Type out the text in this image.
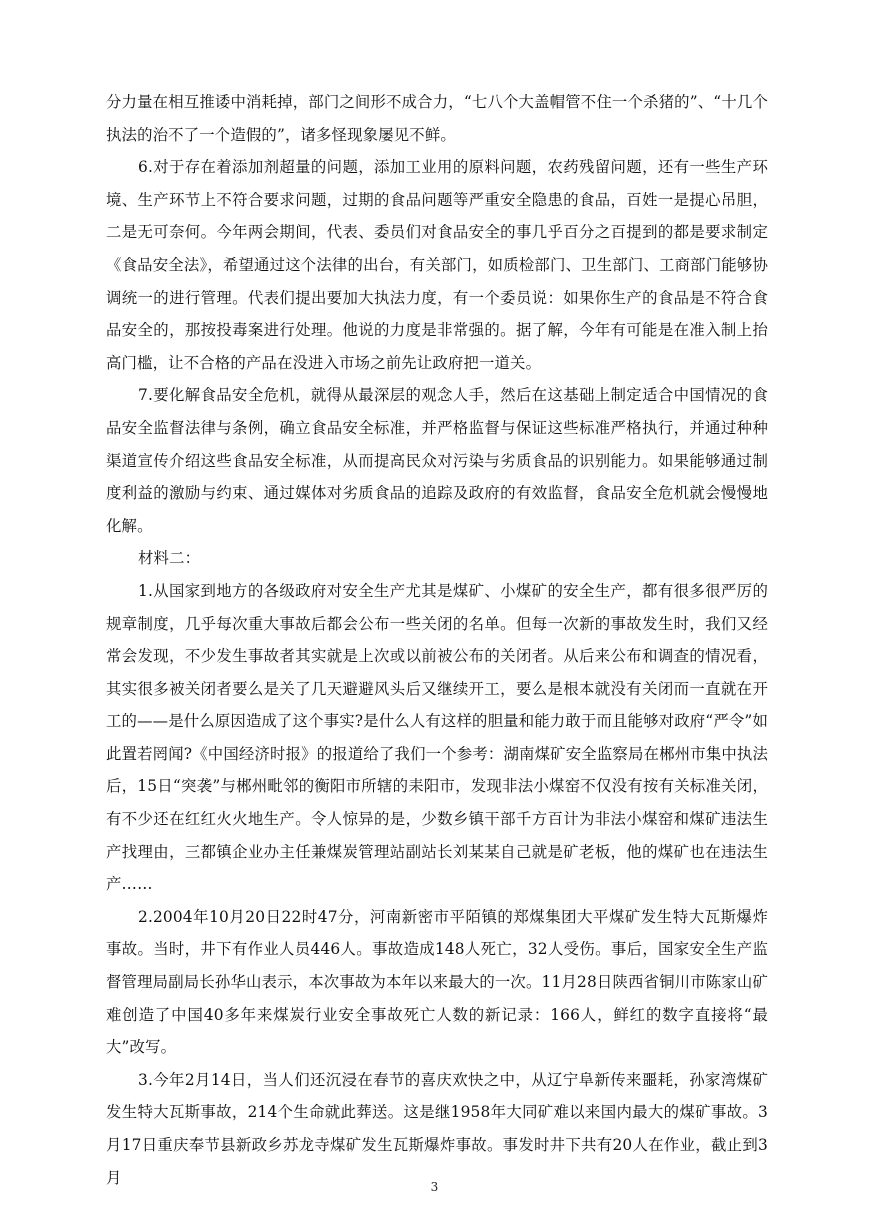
分力量在相互推诿中消耗掉，部门之间形不成合力，“七八个大盖帽管不住一个杀猪的”、“十几个执法的治不了一个造假的”，诸多怪现象屡见不鲜。

6.对于存在着添加剂超量的问题，添加工业用的原料问题，农药残留问题，还有一些生产环境、生产环节上不符合要求问题，过期的食品问题等严重安全隐患的食品，百姓一是提心吊胆，二是无可奈何。今年两会期间，代表、委员们对食品安全的事几乎百分之百提到的都是要求制定《食品安全法》，希望通过这个法律的出台，有关部门，如质检部门、卫生部门、工商部门能够协调统一的进行管理。代表们提出要加大执法力度，有一个委员说：如果你生产的食品是不符合食品安全的，那按投毒案进行处理。他说的力度是非常强的。据了解，今年有可能是在准入制上抬高门槛，让不合格的产品在没进入市场之前先让政府把一道关。

7.要化解食品安全危机，就得从最深层的观念人手，然后在这基础上制定适合中国情况的食品安全监督法律与条例，确立食品安全标准，并严格监督与保证这些标准严格执行，并通过种种渠道宣传介绍这些食品安全标准，从而提高民众对污染与劣质食品的识别能力。如果能够通过制度利益的激励与约束、通过媒体对劣质食品的追踪及政府的有效监督，食品安全危机就会慢慢地化解。

材料二：

1.从国家到地方的各级政府对安全生产尤其是煤矿、小煤矿的安全生产，都有很多很严厉的规章制度，几乎每次重大事故后都会公布一些关闭的名单。但每一次新的事故发生时，我们又经常会发现，不少发生事故者其实就是上次或以前被公布的关闭者。从后来公布和调查的情况看，其实很多被关闭者要么是关了几天避避风头后又继续开工，要么是根本就没有关闭而一直就在开工的——是什么原因造成了这个事实?是什么人有这样的胆量和能力敢于而且能够对政府“严令”如此置若罔闻?《中国经济时报》的报道给了我们一个参考：湖南煤矿安全监察局在郴州市集中执法后，15日“突袭”与郴州毗邻的衡阳市所辖的耒阳市，发现非法小煤窑不仅没有按有关标准关闭，有不少还在红红火火地生产。令人惊异的是，少数乡镇干部千方百计为非法小煤窑和煤矿违法生产找理由，三都镇企业办主任兼煤炭管理站副站长刘某某自己就是矿老板，他的煤矿也在违法生产……

2.2004年10月20日22时47分，河南新密市平陌镇的郑煤集团大平煤矿发生特大瓦斯爆炸事故。当时，井下有作业人员446人。事故造成148人死亡，32人受伤。事后，国家安全生产监督管理局副局长孙华山表示，本次事故为本年以来最大的一次。11月28日陕西省铜川市陈家山矿难创造了中国40多年来煤炭行业安全事故死亡人数的新记录：166人，鲜红的数字直接将“最大”改写。

3.今年2月14日，当人们还沉浸在春节的喜庆欢快之中，从辽宁阜新传来噩耗，孙家湾煤矿发生特大瓦斯事故，214个生命就此葬送。这是继1958年大同矿难以来国内最大的煤矿事故。3月17日重庆奉节县新政乡苏龙寺煤矿发生瓦斯爆炸事故。事发时井下共有20人在作业，截止到3月

3
